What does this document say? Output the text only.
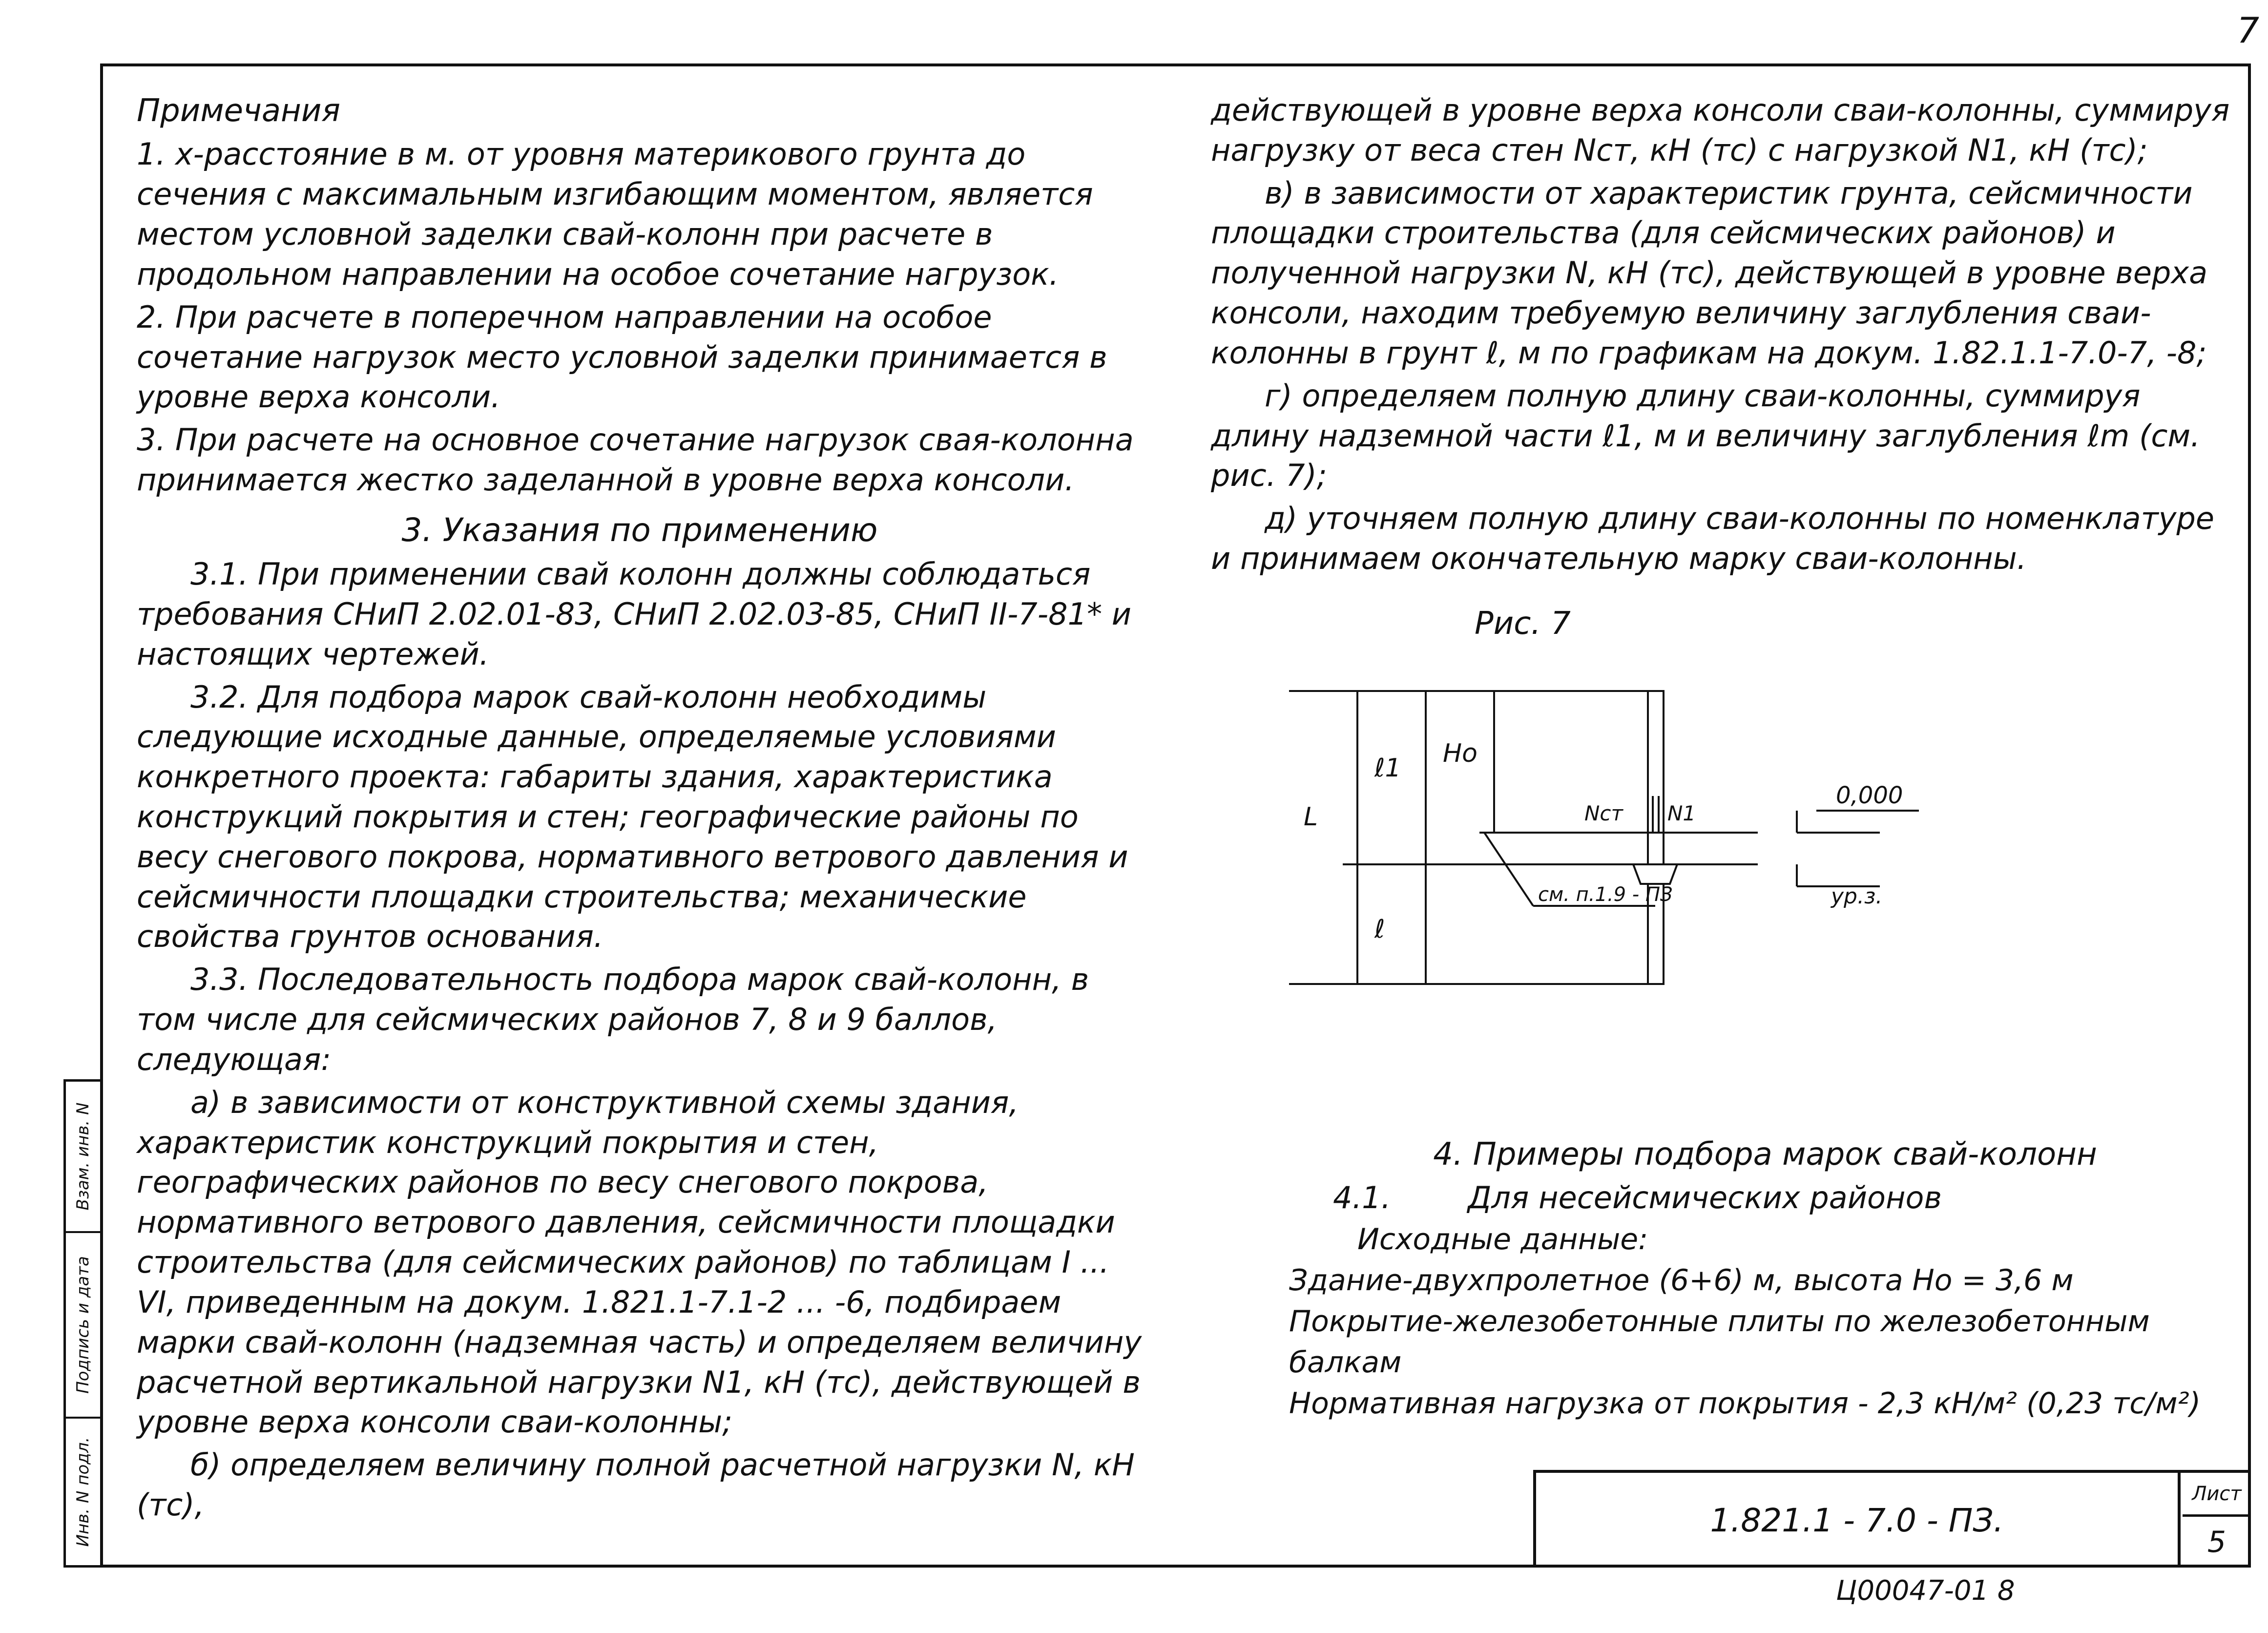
7
Взам. инв. N
Подпись и дата
Инв. N подл.

Примечания

1. x-расстояние в м. от уровня материкового грунта до сечения с максимальным изгибающим моментом, является местом условной заделки свай-колонн при расчете в продольном направлении на особое сочетание нагрузок.

2. При расчете в поперечном направлении на особое сочетание нагрузок место условной заделки принимается в уровне верха консоли.

3. При расчете на основное сочетание нагрузок свая-колонна принимается жестко заделанной в уровне верха консоли.

3. Указания по применению

3.1. При применении свай колонн должны соблюдаться требования СНиП 2.02.01-83, СНиП 2.02.03-85, СНиП II-7-81* и настоящих чертежей.

3.2. Для подбора марок свай-колонн необходимы следующие исходные данные, определяемые условиями конкретного проекта: габариты здания, характеристика конструкций покрытия и стен; географические районы по весу снегового покрова, нормативного ветрового давления и сейсмичности площадки строительства; механические свойства грунтов основания.

3.3. Последовательность подбора марок свай-колонн, в том числе для сейсмических районов 7, 8 и 9 баллов, следующая:

а) в зависимости от конструктивной схемы здания, характеристик конструкций покрытия и стен, географических районов по весу снегового покрова, нормативного ветрового давления, сейсмичности площадки строительства (для сейсмических районов) по таблицам I ... VI, приведенным на докум. 1.821.1-7.1-2 ... -6, подбираем марки свай-колонн (надземная часть) и определяем величину расчетной вертикальной нагрузки N1, кН (тс), действующей в уровне верха консоли сваи-колонны;

б) определяем величину полной расчетной нагрузки N, кН (тс),

действующей в уровне верха консоли сваи-колонны, суммируя нагрузку от веса стен Nст, кН (тс) с нагрузкой N1, кН (тс);

в) в зависимости от характеристик грунта, сейсмичности площадки строительства (для сейсмических районов) и полученной нагрузки N, кН (тс), действующей в уровне верха консоли, находим требуемую величину заглубления сваи-колонны в грунт ℓ, м по графикам на докум. 1.82.1.1-7.0-7, -8;

г) определяем полную длину сваи-колонны, суммируя длину надземной части ℓ1, м и величину заглубления ℓm (см. рис. 7);

д) уточняем полную длину сваи-колонны по номенклатуре и принимаем окончательную марку сваи-колонны.

Рис. 7
L
ℓ1 Hо
ℓ
Nст N1
0,000
ур.з.
см. п.1.9 - ПЗ

4. Примеры подбора марок свай-колонн

4.1.        Для несейсмических районов

Исходные данные:

Здание-двухпролетное (6+6) м, высота Hо = 3,6 м

Покрытие-железобетонные плиты по железобетонным балкам

Нормативная нагрузка от покрытия - 2,3 кН/м² (0,23 тс/м²)

1.821.1 - 7.0 - ПЗ.
Лист
5
Ц00047-01 8
